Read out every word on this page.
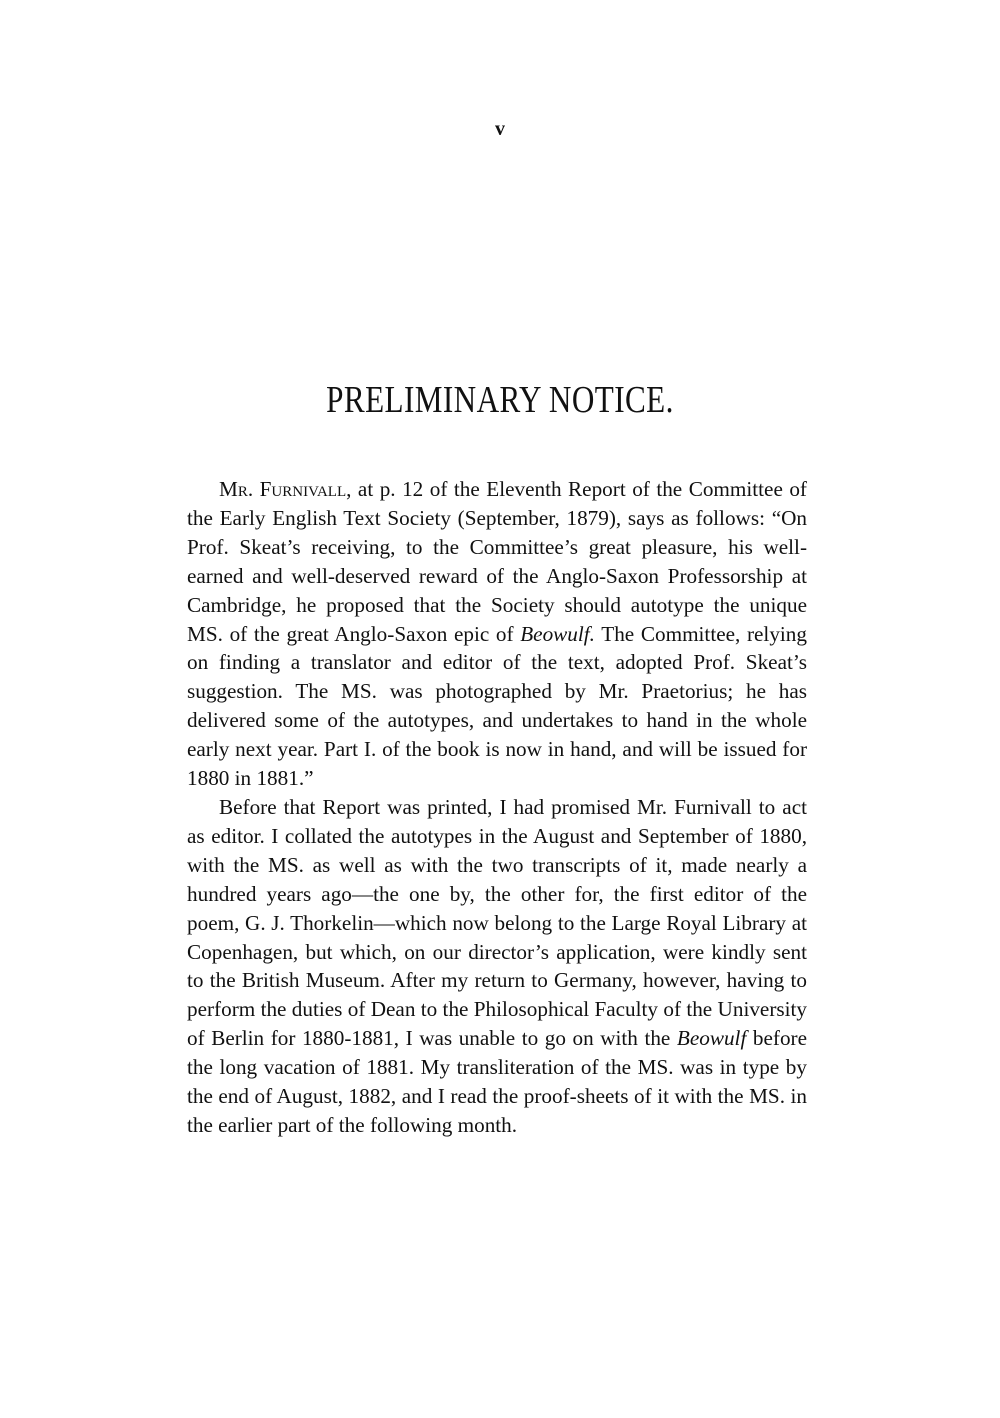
v
PRELIMINARY NOTICE.

Mr. Furnivall, at p. 12 of the Eleventh Report of the Committee of the Early English Text Society (September, 1879), says as follows: “On Prof. Skeat’s receiving, to the Committee’s great pleasure, his well-earned and well-deserved reward of the Anglo-Saxon Professorship at Cambridge, he proposed that the Society should autotype the unique MS. of the great Anglo-Saxon epic of Beowulf. The Committee, relying on finding a translator and editor of the text, adopted Prof. Skeat’s suggestion. The MS. was photographed by Mr. Praetorius; he has delivered some of the autotypes, and undertakes to hand in the whole early next year. Part I. of the book is now in hand, and will be issued for 1880 in 1881.”

Before that Report was printed, I had promised Mr. Furnivall to act as editor. I collated the autotypes in the August and September of 1880, with the MS. as well as with the two transcripts of it, made nearly a hundred years ago—the one by, the other for, the first editor of the poem, G. J. Thorkelin—which now belong to the Large Royal Library at Copenhagen, but which, on our director’s application, were kindly sent to the British Museum. After my return to Germany, however, having to perform the duties of Dean to the Philosophical Faculty of the University of Berlin for 1880-1881, I was unable to go on with the Beowulf before the long vacation of 1881. My transliteration of the MS. was in type by the end of August, 1882, and I read the proof-sheets of it with the MS. in the earlier part of the following month.
